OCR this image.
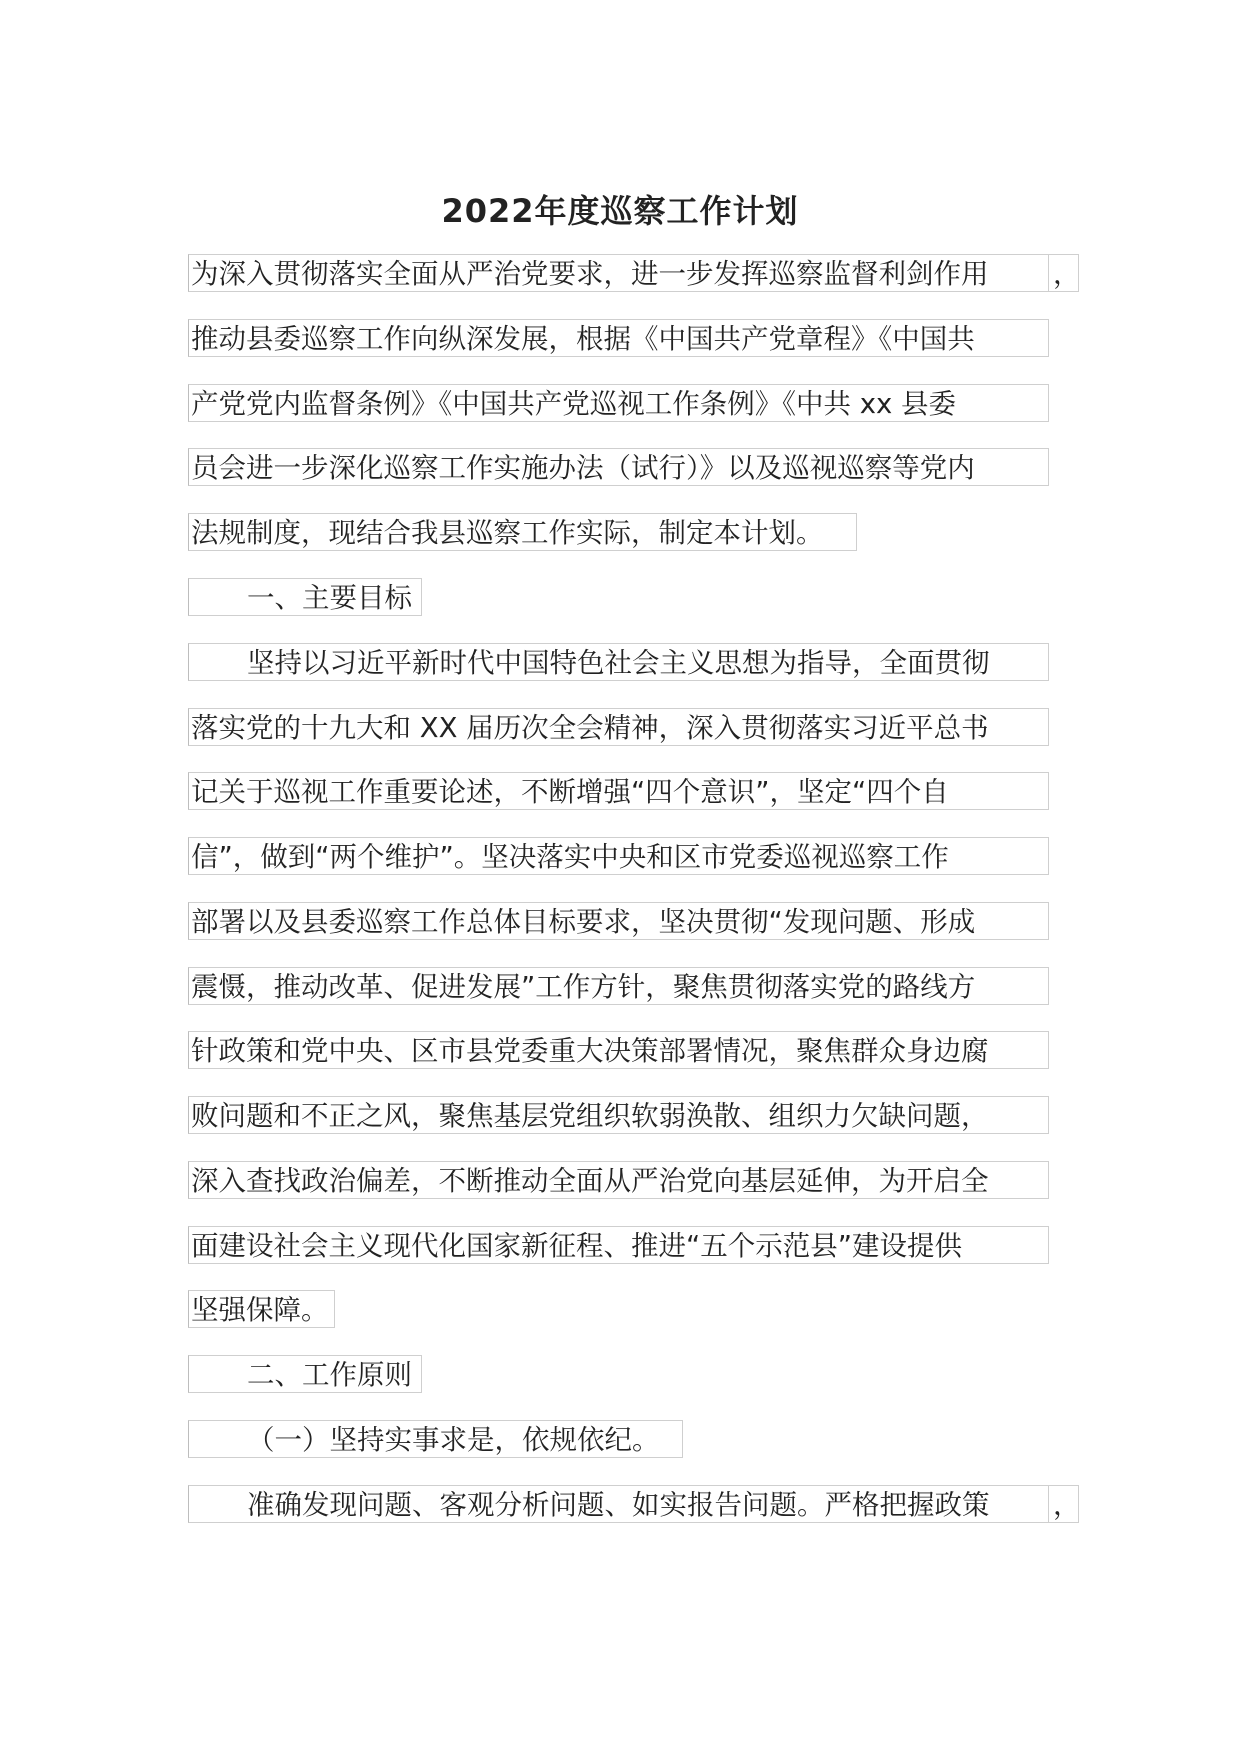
2022年度巡察工作计划
为深入贯彻落实全面从严治党要求，进一步发挥巡察监督利剑作用	，
推动县委巡察工作向纵深发展，根据《中国共产党章程》《中国共
产党党内监督条例》《中国共产党巡视工作条例》《中共 xx 县委
员会进一步深化巡察工作实施办法（试行）》以及巡视巡察等党内
法规制度，现结合我县巡察工作实际，制定本计划。
一、主要目标
坚持以习近平新时代中国特色社会主义思想为指导，全面贯彻
落实党的十九大和 XX 届历次全会精神，深入贯彻落实习近平总书
记关于巡视工作重要论述，不断增强“四个意识”，坚定“四个自
信”，做到“两个维护”。坚决落实中央和区市党委巡视巡察工作
部署以及县委巡察工作总体目标要求，坚决贯彻“发现问题、形成
震慑，推动改革、促进发展”工作方针，聚焦贯彻落实党的路线方
针政策和党中央、区市县党委重大决策部署情况，聚焦群众身边腐
败问题和不正之风，聚焦基层党组织软弱涣散、组织力欠缺问题，
深入查找政治偏差，不断推动全面从严治党向基层延伸，为开启全
面建设社会主义现代化国家新征程、推进“五个示范县”建设提供
坚强保障。
二、工作原则
（一）坚持实事求是，依规依纪。
准确发现问题、客观分析问题、如实报告问题。严格把握政策	，
